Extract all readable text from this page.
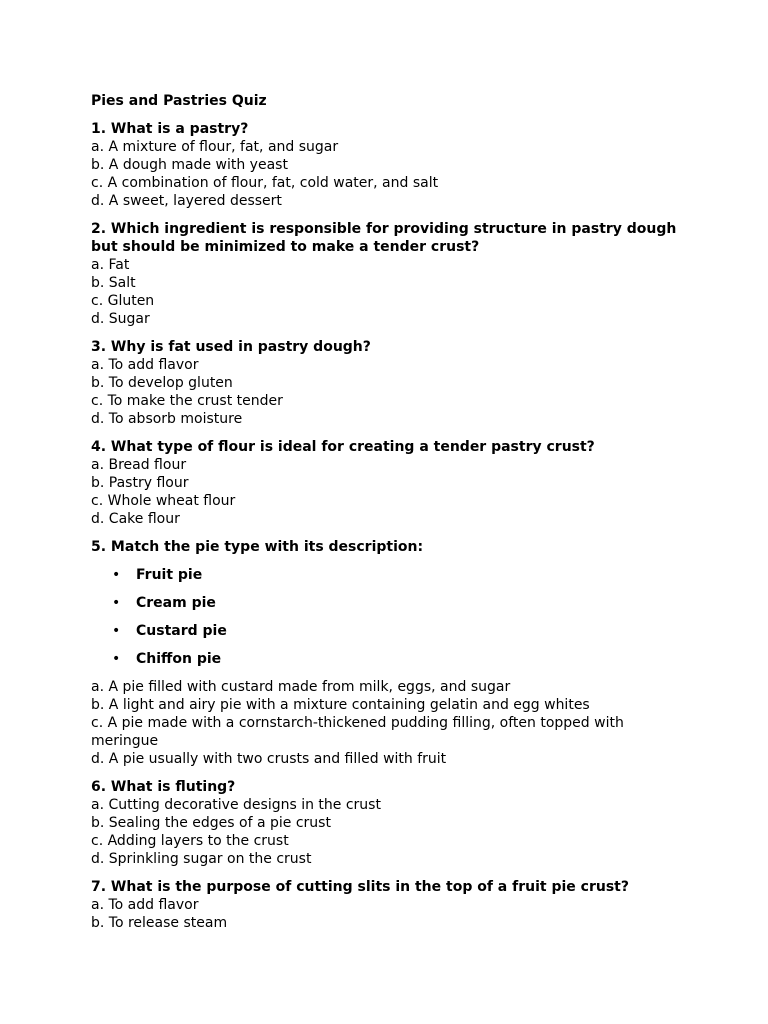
Pies and Pastries Quiz
1. What is a pastry?
a. A mixture of flour, fat, and sugar
b. A dough made with yeast
c. A combination of flour, fat, cold water, and salt
d. A sweet, layered dessert
2. Which ingredient is responsible for providing structure in pastry dough but should be minimized to make a tender crust?
a. Fat
b. Salt
c. Gluten
d. Sugar
3. Why is fat used in pastry dough?
a. To add flavor
b. To develop gluten
c. To make the crust tender
d. To absorb moisture
4. What type of flour is ideal for creating a tender pastry crust?
a. Bread flour
b. Pastry flour
c. Whole wheat flour
d. Cake flour
5. Match the pie type with its description:
• Fruit pie
• Cream pie
• Custard pie
• Chiffon pie
a. A pie filled with custard made from milk, eggs, and sugar
b. A light and airy pie with a mixture containing gelatin and egg whites
c. A pie made with a cornstarch-thickened pudding filling, often topped with meringue
d. A pie usually with two crusts and filled with fruit
6. What is fluting?
a. Cutting decorative designs in the crust
b. Sealing the edges of a pie crust
c. Adding layers to the crust
d. Sprinkling sugar on the crust
7. What is the purpose of cutting slits in the top of a fruit pie crust?
a. To add flavor
b. To release steam
